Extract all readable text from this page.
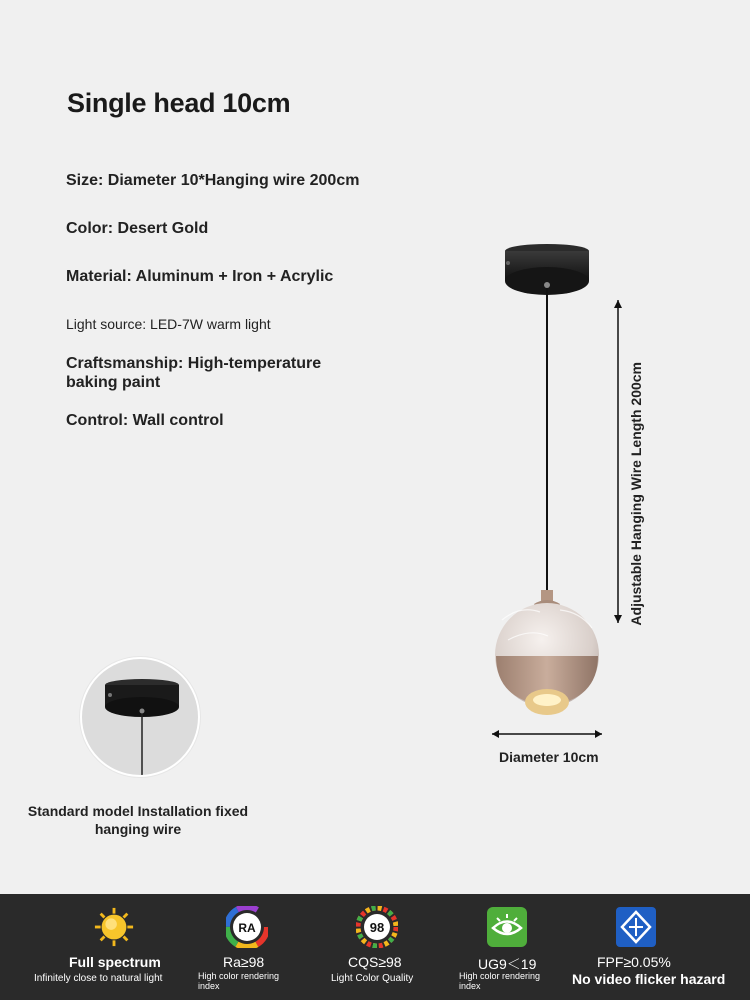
Single head 10cm
Size: Diameter 10*Hanging wire 200cm
Color: Desert Gold
Material: Aluminum + Iron + Acrylic
Light source: LED-7W warm light
Craftsmanship: High-temperature
baking paint
Control: Wall control
Adjustable Hanging Wire Length 200cm
Diameter 10cm
Standard model Installation fixed
hanging wire
Full spectrum
Infinitely close to natural light
RA
Ra≥98
High color rendering
index
98
CQS≥98
Light Color Quality
UG9＜19
High color rendering
index
FPF≥0.05%
No video flicker hazard
